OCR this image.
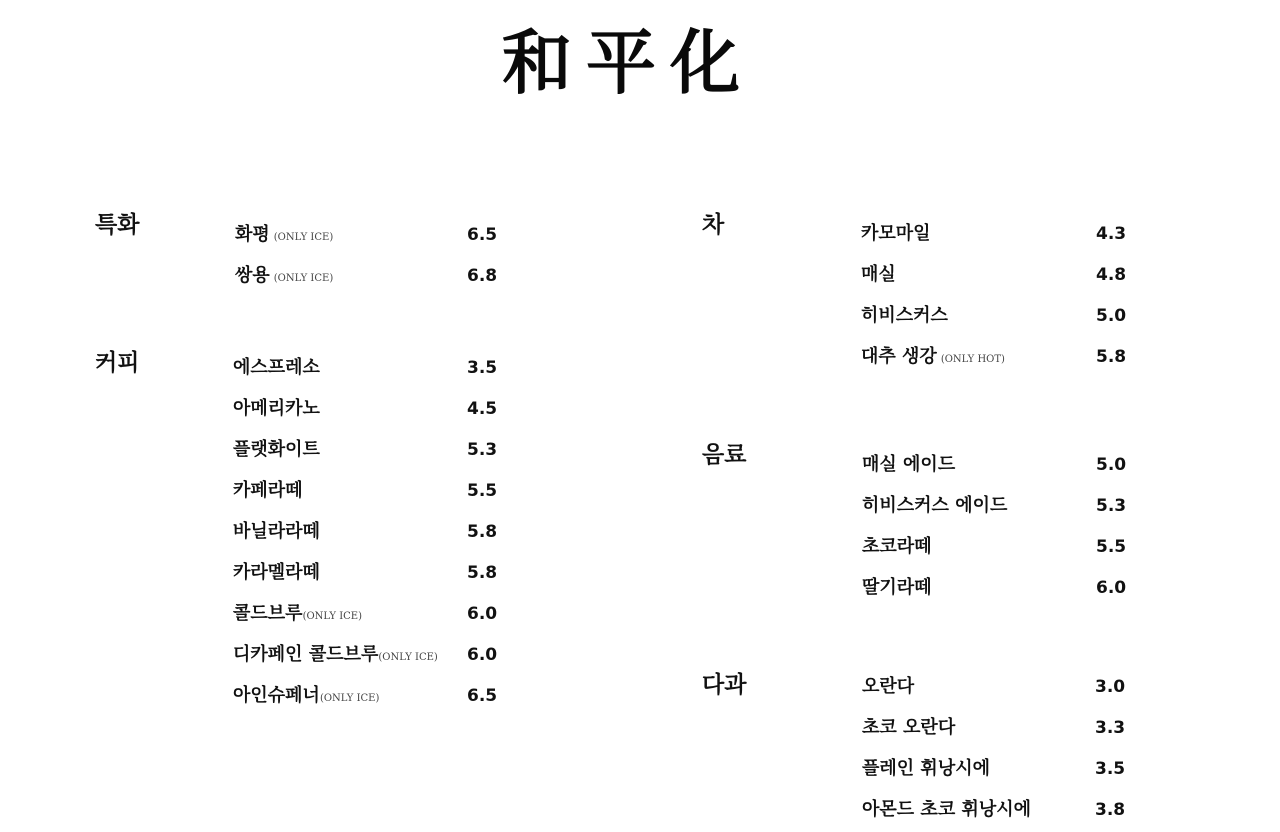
和平化
특화	화평 (ONLY ICE)	6.5
쌍용 (ONLY ICE)	6.8
커피	에스프레소	3.5
아메리카노	4.5
플랫화이트	5.3
카페라떼	5.5
바닐라라떼	5.8
카라멜라떼	5.8
콜드브루(ONLY ICE)	6.0
디카페인 콜드브루(ONLY ICE) 6.0
아인슈페너(ONLY ICE)	6.5
차	카모마일	4.3
매실	4.8
히비스커스	5.0
대추 생강 (ONLY HOT)	5.8
음료	매실 에이드	5.0
히비스커스 에이드	5.3
초코라떼	5.5
딸기라떼	6.0
다과	오란다	3.0
초코 오란다	3.3
플레인 휘낭시에	3.5
아몬드 초코 휘낭시에	3.8
